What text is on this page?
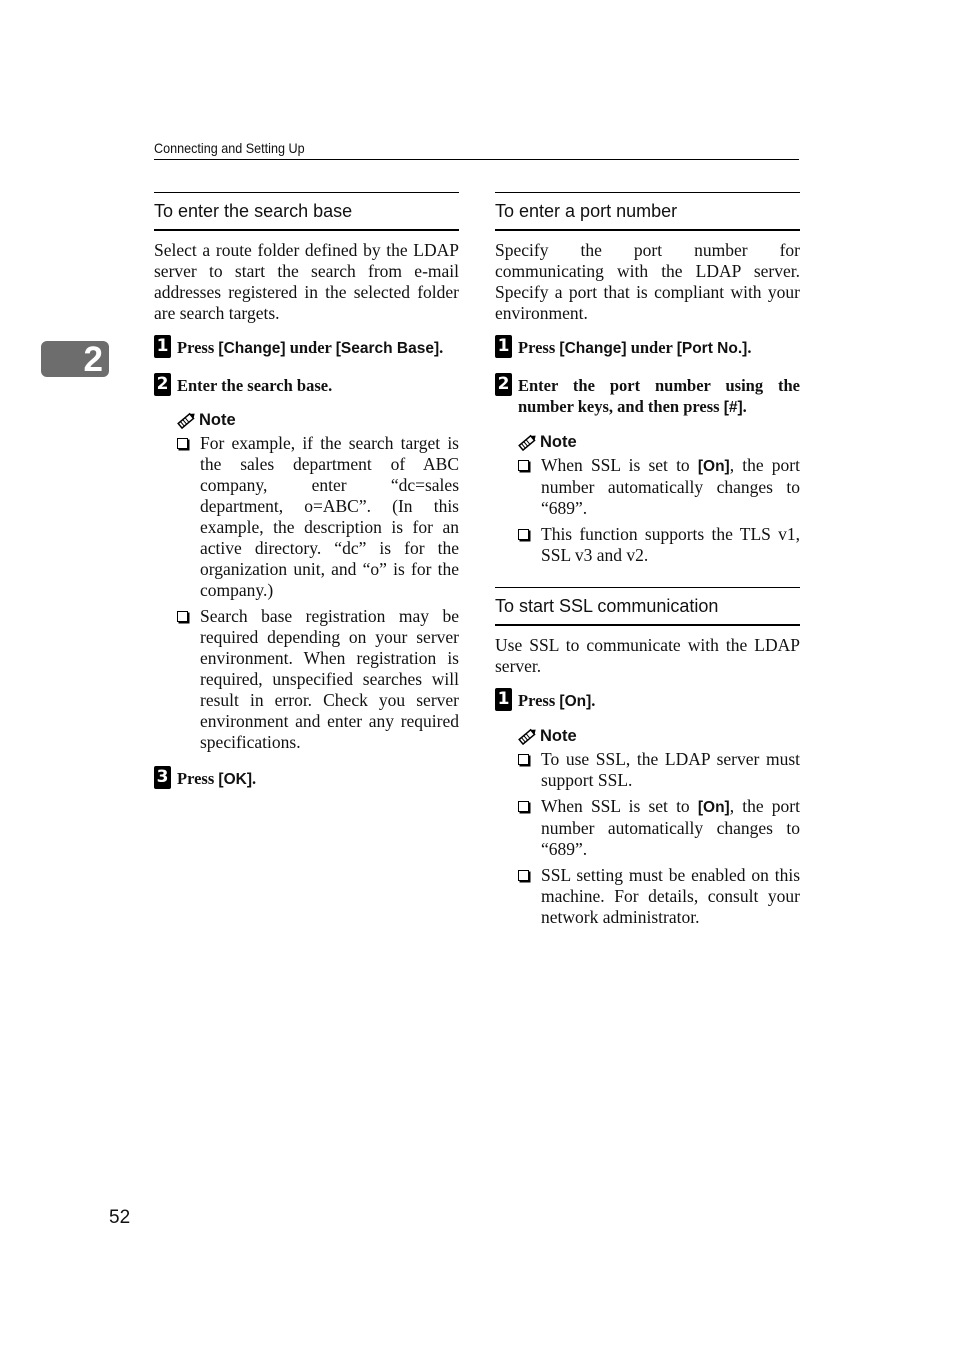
Connecting and Setting Up
2
To enter the search base

Select a route folder defined by the LDAP server to start the search from e-mail addresses registered in the selected folder are search targets.

1 Press [Change] under [Search Base].
2 Enter the search base.
Note
For example, if the search target is the sales department of ABC company, enter “dc=sales department, o=ABC”. (In this example, the description is for an active directory. “dc” is for the organization unit, and “o” is for the company.)
Search base registration may be required depending on your server environment. When registration is required, unspecified searches will result in error. Check you server environment and enter any required specifications.
3 Press [OK].
To enter a port number

Specify the port number for communicating with the LDAP server. Specify a port that is compliant with your environment.

1 Press [Change] under [Port No.].
2 Enter the port number using the number keys, and then press [#].
Note
When SSL is set to [On], the port number automatically changes to “689”.
This function supports the TLS v1, SSL v3 and v2.
To start SSL communication

Use SSL to communicate with the LDAP server.

1 Press [On].
Note
To use SSL, the LDAP server must support SSL.
When SSL is set to [On], the port number automatically changes to “689”.
SSL setting must be enabled on this machine. For details, consult your network administrator.
52
